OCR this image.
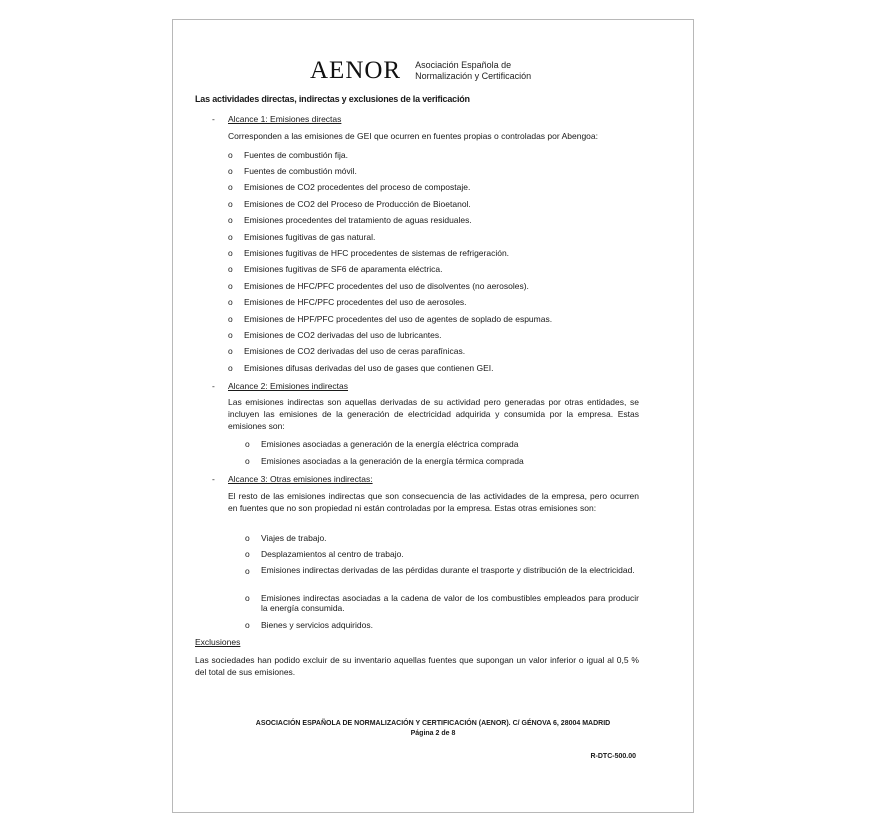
AENOR Asociación Española de
Normalización y Certificación
Las actividades directas, indirectas y exclusiones de la verificación
- Alcance 1: Emisiones directas
Corresponden a las emisiones de GEI que ocurren en fuentes propias o controladas por Abengoa:
o Fuentes de combustión fija.
o Fuentes de combustión móvil.
o Emisiones de CO2 procedentes del proceso de compostaje.
o Emisiones de CO2 del Proceso de Producción de Bioetanol.
o Emisiones procedentes del tratamiento de aguas residuales.
o Emisiones fugitivas de gas natural.
o Emisiones fugitivas de HFC procedentes de sistemas de refrigeración.
o Emisiones fugitivas de SF6 de aparamenta eléctrica.
o Emisiones de HFC/PFC procedentes del uso de disolventes (no aerosoles).
o Emisiones de HFC/PFC procedentes del uso de aerosoles.
o Emisiones de HPF/PFC procedentes del uso de agentes de soplado de espumas.
o Emisiones de CO2 derivadas del uso de lubricantes.
o Emisiones de CO2 derivadas del uso de ceras parafínicas.
o Emisiones difusas derivadas del uso de gases que contienen GEI.
- Alcance 2: Emisiones indirectas
Las emisiones indirectas son aquellas derivadas de su actividad pero generadas por otras entidades, se incluyen las emisiones de la generación de electricidad adquirida y consumida por la empresa. Estas emisiones son:
o Emisiones asociadas a generación de la energía eléctrica comprada
o Emisiones asociadas a la generación de la energía térmica comprada
- Alcance 3: Otras emisiones indirectas:
El resto de las emisiones indirectas que son consecuencia de las actividades de la empresa, pero ocurren en fuentes que no son propiedad ni están controladas por la empresa. Estas otras emisiones son:
o Viajes de trabajo.
o Desplazamientos al centro de trabajo.
o Emisiones indirectas derivadas de las pérdidas durante el trasporte y distribución de la electricidad.
o Emisiones indirectas asociadas a la cadena de valor de los combustibles empleados para producir la energía consumida.
o Bienes y servicios adquiridos.
Exclusiones
Las sociedades han podido excluir de su inventario aquellas fuentes que supongan un valor inferior o igual al 0,5 % del total de sus emisiones.
ASOCIACIÓN ESPAÑOLA DE NORMALIZACIÓN Y CERTIFICACIÓN (AENOR). C/ GÉNOVA 6, 28004 MADRID
Página 2 de 8
R-DTC-500.00
